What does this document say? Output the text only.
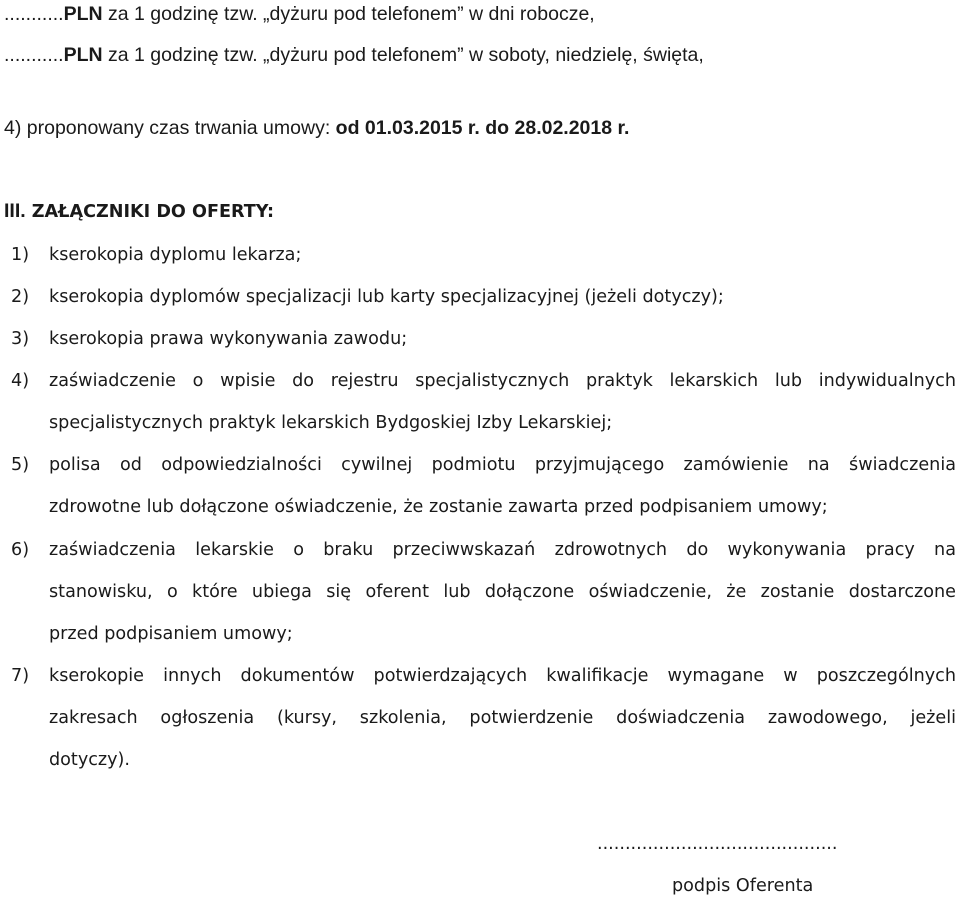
...........PLN za 1 godzinę tzw. „dyżuru pod telefonem” w dni robocze,
...........PLN za 1 godzinę tzw. „dyżuru pod telefonem” w soboty, niedzielę, święta,
4) proponowany czas trwania umowy: od 01.03.2015 r. do 28.02.2018 r.
III. ZAŁĄCZNIKI DO OFERTY:
1) kserokopia dyplomu lekarza;
2) kserokopia dyplomów specjalizacji lub karty specjalizacyjnej (jeżeli dotyczy);
3) kserokopia prawa wykonywania zawodu;
4) zaświadczenie o wpisie do rejestru specjalistycznych praktyk lekarskich lub indywidualnych
specjalistycznych praktyk lekarskich Bydgoskiej Izby Lekarskiej;
5) polisa od odpowiedzialności cywilnej podmiotu przyjmującego zamówienie na świadczenia
zdrowotne lub dołączone oświadczenie, że zostanie zawarta przed podpisaniem umowy;
6) zaświadczenia lekarskie o braku przeciwwskazań zdrowotnych do wykonywania pracy na
stanowisku, o które ubiega się oferent lub dołączone oświadczenie, że zostanie dostarczone
przed podpisaniem umowy;
7) kserokopie innych dokumentów potwierdzających kwalifikacje wymagane w poszczególnych
zakresach ogłoszenia (kursy, szkolenia, potwierdzenie doświadczenia zawodowego, jeżeli
dotyczy).
...........................................
podpis Oferenta
